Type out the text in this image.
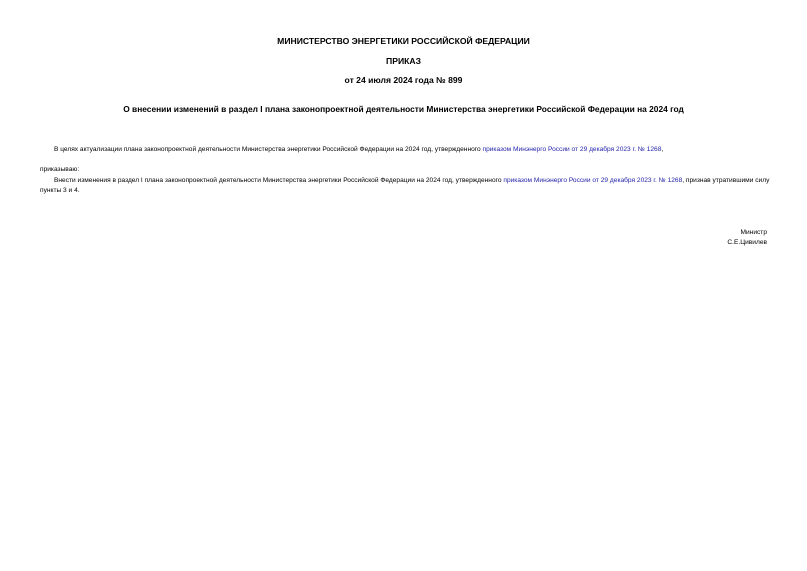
МИНИСТЕРСТВО ЭНЕРГЕТИКИ РОССИЙСКОЙ ФЕДЕРАЦИИ
ПРИКАЗ
от 24 июля 2024 года № 899
О внесении изменений в раздел I плана законопроектной деятельности Министерства энергетики Российской Федерации на 2024 год
В целях актуализации плана законопроектной деятельности Министерства энергетики Российской Федерации на 2024 год, утвержденного приказом Минэнерго России от 29 декабря 2023 г. № 1268,
приказываю:
Внести изменения в раздел I плана законопроектной деятельности Министерства энергетики Российской Федерации на 2024 год, утвержденного приказом Минэнерго России от 29 декабря 2023 г. № 1268, признав утратившими силу пункты 3 и 4.
Министр
С.Е.Цивилев
